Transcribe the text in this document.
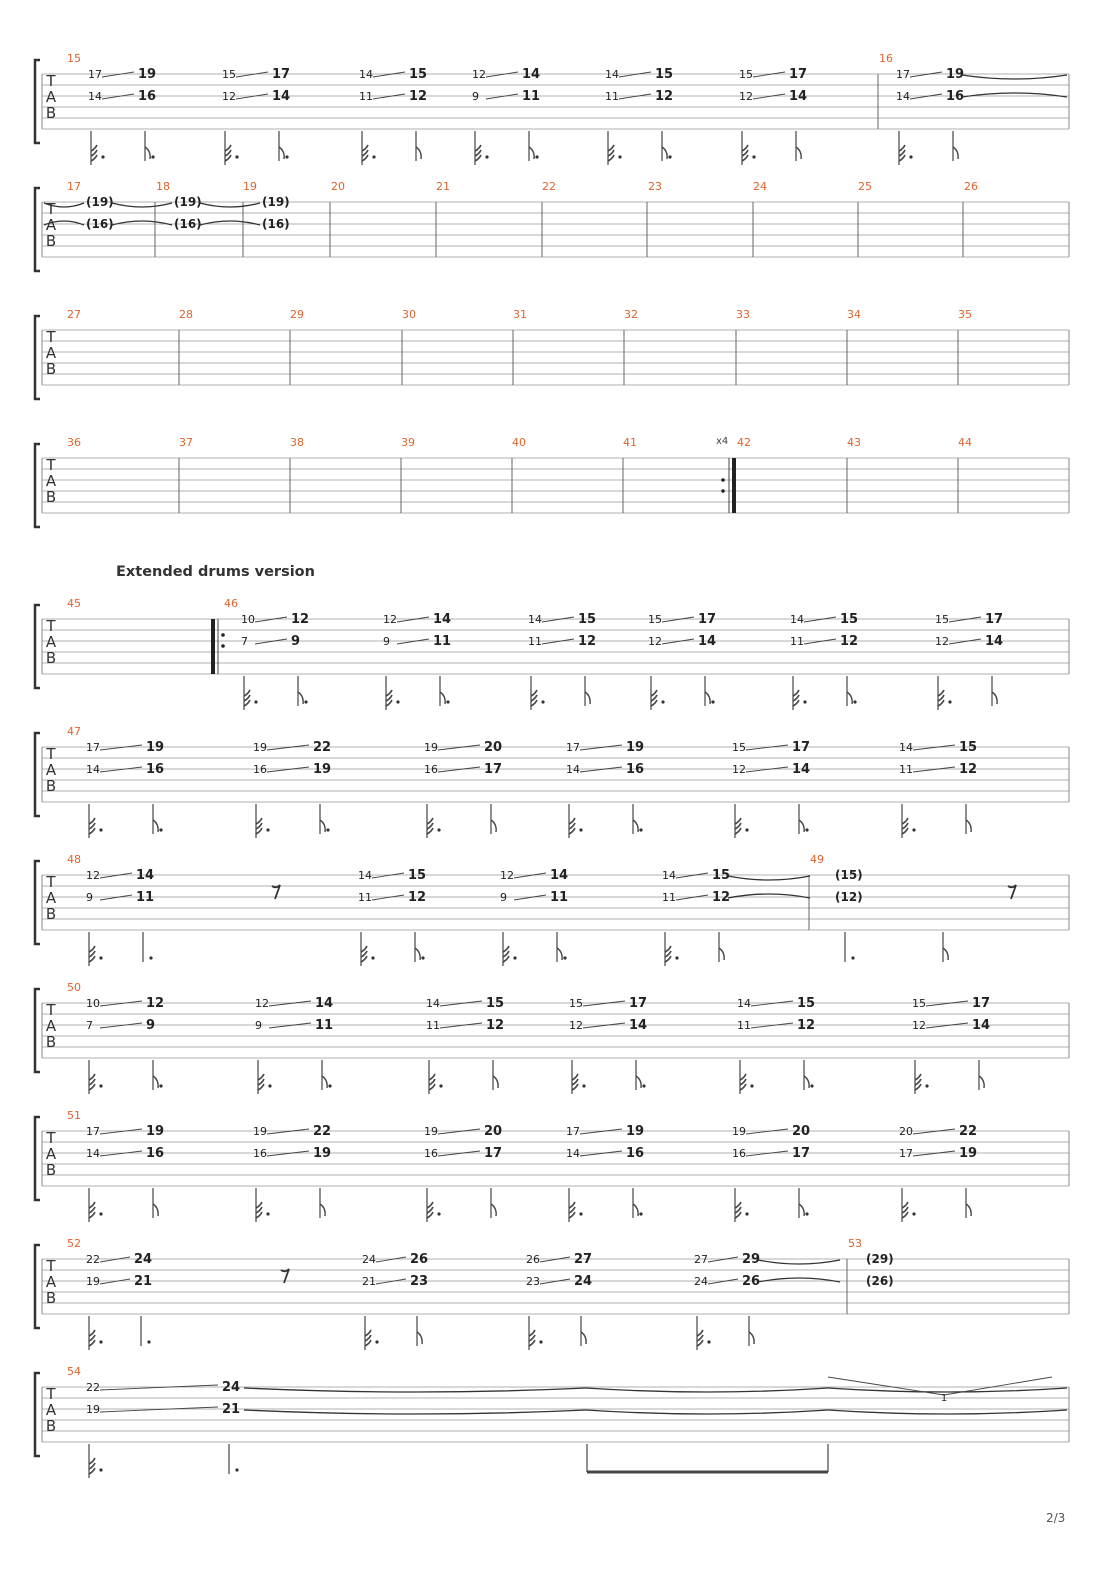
T
A
B
15
17	19
14	16
15	17
12	14
14	15
11	12
12	14
9	11
14	15
11	12
15	17
12	14
16
17	19
14	16
T
A
B
17
(19)
(16)
18
(19)
(16)
19
(19)
(16)
20	21	22	23	24	25	26
T
A
B
27	28	29	30	31	32	33	34	35
T
A
B
36	37	38	39	40	41	x4 42	43	44
T
A
B
45	46
10	12
7	9
12	14
9	11
14	15
11	12
15	17
12	14
14	15
11	12
15	17
12	14
T
A
B
47
17	19
14	16
19	22
16	19
19	20
16	17
17	19
14	16
15	17
12	14
14	15
11	12
T
A
B
48
12	14
9	11
14	15
11	12
12	14
9	11
14	15
11	12
49
(15)
(12)
T
A
B
50
10	12
7	9
12	14
9	11
14	15
11	12
15	17
12	14
14	15
11	12
15	17
12	14
T
A
B
51
17	19
14	16
19	22
16	19
19	20
16	17
17	19
14	16
19	20
16	17
20	22
17	19
T
A
B
52
22	24
19	21
24	26
21	23
26	27
23	24
27	29
24	26
53
(29)
(26)
T
A
B
54
22	24
19	21
1
Extended drums version
2/3
